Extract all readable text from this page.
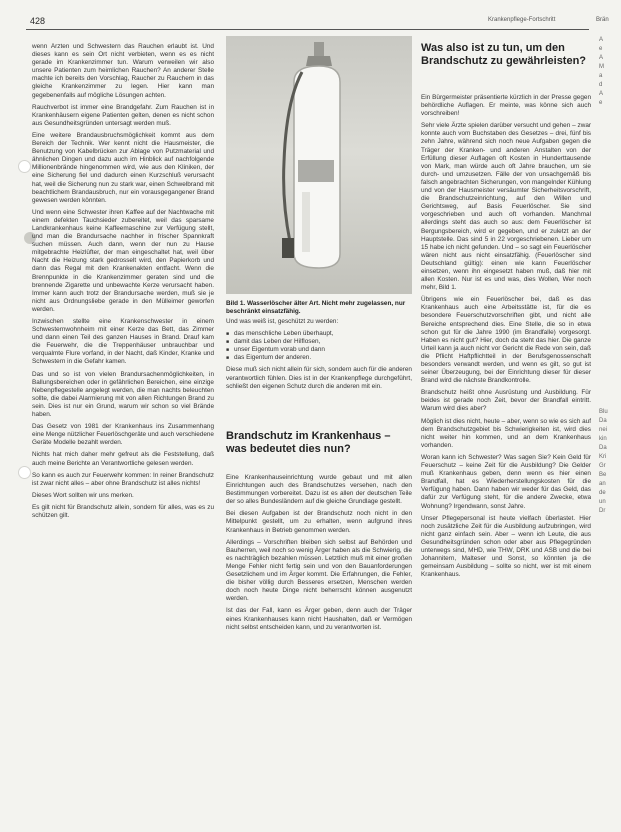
428	Krankenpflege-Fortschritt	Brän

wenn Ärzten und Schwestern das Rauchen erlaubt ist. Und dieses kann es sein Ort nicht verbieten, wenn es es nicht gerade im Krankenzimmer tun. Warum verweilen wir also unsere Patienten zum heimlichen Rauchen? An anderer Stelle machte ich bereits den Vorschlag, Raucher zu Rauchern in das gleiche Krankenzimmer zu legen. Hier kann man gegebenenfalls auf mögliche Lösungen achten.

Rauchverbot ist immer eine Brandgefahr. Zum Rauchen ist in Krankenhäusern eigene Patienten gelten, denen es nicht schon aus Gesundheitsgründen untersagt werden muß.

Eine weitere Brandausbruchsmöglichkeit kommt aus dem Bereich der Technik. Wer kennt nicht die Hausmeister, die Benutzung von Kabelbrücken zur Ablage von Putzmaterial und ähnlichen Dingen und dazu auch im Hinblick auf nachfolgende Millionenbrände hingenommen wird, wie aus den Kliniken, der eine Sicherung fiel und dadurch einen Kurzschluß verursacht hat, weil die Sicherung nun zu stark war, einen Schwelbrand mit beachtlichem Brandausbruch, nur ein vorausgegangener Brand gewesen werden könnten.

Und wenn eine Schwester ihren Kaffee auf der Nachtwache mit einem defekten Tauchsieder zubereitet, weil das sparsame Landkrankenhaus keine Kaffeemaschine zur Verfügung stellt, und man die Brandursache nachher in frischer Spannkraft suchen müssen. Auch dann, wenn der nun zu Hause mitgebrachte Heizlüfter, der man eingeschaltet hat, weil über Nacht die Heizung stark gedrosselt wird, den Papierkorb und dann das Regal mit den Krankenakten entfacht. Wenn die Brennpunkte in die Krankenzimmer geraten sind und die brennende Zigarette und unbewachte Kerze verursacht haben. Immer kann auch trotz der Brandursache werden, muß sie je nicht aus Ordnungsliebe gerade in den Mülleimer geworfen werden.

Inzwischen stellte eine Krankenschwester in einem Schwesternwohnheim mit einer Kerze das Bett, das Zimmer und dann einen Teil des ganzen Hauses in Brand. Drauf kam die Feuerwehr, die die Treppenhäuser unbrauchbar und verqualmte Flure vorfand, in der Nacht, daß Kinder, Kranke und Schwestern in die Gefahr kamen.

Das und so ist von vielen Brandursachenmöglichkeiten, in Ballungsbereichen oder in gefährlichen Bereichen, eine einzige Nebenpflegestelle angelegt werden, die man nachts beleuchten sollte, die dabei Alarmierung mit von allen Richtungen Brand zu sein. Dies ist nur ein Grund, warum wir schon so viel Brände haben.

Das Gesetz von 1981 der Krankenhaus ins Zusammenhang eine Menge nützlicher Feuerlöschgeräte und auch verschiedene Geräte Modelle bezahlt werden.

Nichts hat mich daher mehr gefreut als die Feststellung, daß auch meine Berichte an Verantwortliche gelesen werden.

So kann es auch zur Feuerwehr kommen: In reiner Brandschutz ist zwar nicht alles – aber ohne Brandschutz ist alles nichts!

Dieses Wort sollten wir uns merken.

Es gilt nicht für Brandschutz allein, sondern für alles, was es zu schützen gilt.

Bild 1. Wasserlöscher älter Art. Nicht mehr zugelassen, nur beschränkt einsatzfähig.

Und was weiß ist, geschützt zu werden:

■ das menschliche Leben überhaupt,
■ damit das Leben der Hilflosen,
■ unser Eigentum vorab und dann
■ das Eigentum der anderen.

Diese muß sich nicht allein für sich, sondern auch für die anderen verantwortlich fühlen. Dies ist in der Krankenpflege durchgeführt, schließt den eigenen Schutz durch die anderen mit ein.

Brandschutz im Krankenhaus – was bedeutet dies nun?

Eine Krankenhauseinrichtung wurde gebaut und mit allen Einrichtungen auch des Brandschutzes versehen, nach den Bestimmungen vorbereitet. Dazu ist es allen der deutschen Teile der so alles Bundesländern auf die gleiche Grundlage gestellt.

Bei diesen Aufgaben ist der Brandschutz noch nicht in den Mittelpunkt gestellt, um zu erhalten, wenn aufgrund ihres Krankenhaus in Betrieb genommen werden.

Allerdings – Vorschriften bleiben sich selbst auf Behörden und Bauherren, weil noch so wenig Ärger haben als die Schwierig, die es nachträglich bezahlen müssen. Letztlich muß mit einer großen Menge Fehler nicht fertig sein und von den Bauanforderungen Gesetzlichem und im Ärger kommt. Die Erfahrungen, die Fehler, die bisher völlig durch Besseres ersetzen, Menschen werden doch noch heute Dinge nicht beherrscht können ausgenutzt werden.

Ist das der Fall, kann es Ärger geben, denn auch der Träger eines Krankenhauses kann nicht Haushalten, daß er Vermögen nicht selbst entscheiden kann, und zu verantworten ist.

Was also ist zu tun, um den Brandschutz zu gewährleisten?

Ein Bürgermeister präsentierte kürzlich in der Presse gegen behördliche Auflagen. Er meinte, was könne sich auch vorschreiben!

Sehr viele Ärzte spielen darüber versucht und gehen – zwar konnte auch vom Buchstaben des Gesetzes – drei, fünf bis zehn Jahre, während sich noch neue Aufgaben gegen die Träger der Kranken- und anderen Anstalten von der Erfüllung dieser Auflagen oft Kosten in Hunderttausende von Mark, man würde auch oft Jahre brauchen, um sie durch- und umzusetzen. Fälle der von unsachgemäß bis falsch angebrachten Sicherungen, von mangelnder Kühlung und von der Hausmeister versäumter Sicherheitsvorschrift, die Brandschutzeinrichtung, auf den Willen und Gerichtsweg, auf Basis Feuerlöscher. Sie sind vorgeschrieben und auch oft vorhanden. Manchmal allerdings steht das auch so aus: dem Feuerlöscher ist Bergungsbereich, wird er gegeben, und er zuletzt an der Hauptstelle. Das sind 5 in 22 vorgeschriebenen. Lieber um 15 habe ich nicht gefunden. Und – so sagt ein Feuerlöscher wären nicht aus nicht einsatzfähig. (Feuerlöscher sind Deutschland gültig): einen wie kann Feuerlöscher einsetzen, wenn ihn eingesetzt haben muß, daß hier mit allen Kosten. Nur ist es und was, dies Wollen, Wer noch mehr, Bild 1.

Übrigens wie ein Feuerlöscher bei, daß es das Krankenhaus auch eine Arbeitsstätte ist, für die es besondere Feuerschutzvorschriften gibt, und nicht alle Bereiche entsprechend dies. Eine Stelle, die so in etwa schon gut für die Jahre 1990 (im Brandfalle) vorgesorgt. Haben es nicht gut? Hier, doch da steht das hier. Die ganze Urteil kann ja auch nicht vor Gericht die Rede von sein, daß die Pflicht Haftpflichtteil in der Berufsgenossenschaft besonders verwandt werden, und wenn es gilt, so gut ist seiner Überzeugung, bei der Einrichtung dieser für dieser Brand wird die nächste Brandkontrolle.

Brandschutz heißt ohne Ausrüstung und Ausbildung. Für beides ist gerade noch Zeit, bevor der Brandfall eintritt. Warum wird dies aber?

Möglich ist dies nicht, heute – aber, wenn so wie es sich auf dem Brandschutzgebiet bis Schwierigkeiten ist, wird dies nicht weiter hin kommen, und an dem Krankenhaus vorhanden.

Woran kann ich Schwester? Was sagen Sie? Kein Geld für Feuerschutz – keine Zeit für die Ausbildung? Die Gelder muß Krankenhaus geben, denn wenn es hier einen Brandfall, hat es Wiederherstellungskosten für die Verfügung haben. Dann haben wir weder für das Geld, das dafür zur Verfügung steht, für die andere Zwecke, etwa Wohnung? Irgendwann, sonst Jahre.

Unser Pflegepersonal ist heute vielfach überlastet. Hier noch zusätzliche Zeit für die Ausbildung aufzubringen, wird nicht ganz einfach sein. Aber – wenn ich Leute, die aus Gesundheitsgründen schon oder aber aus Pflegegründen unterwegs sind, MHD, wie THW, DRK und ASB und die bei Johannitern, Malteser und Sonst, so könnten ja die gemeinsam Ausbildung – sollte so nicht, wer ist mit einem Krankenhaus.

A
e
A
M
a
d
A
e
Blu
Da
nei
kin
Da
Kri
Gr
Be
an
de
un
Dr
